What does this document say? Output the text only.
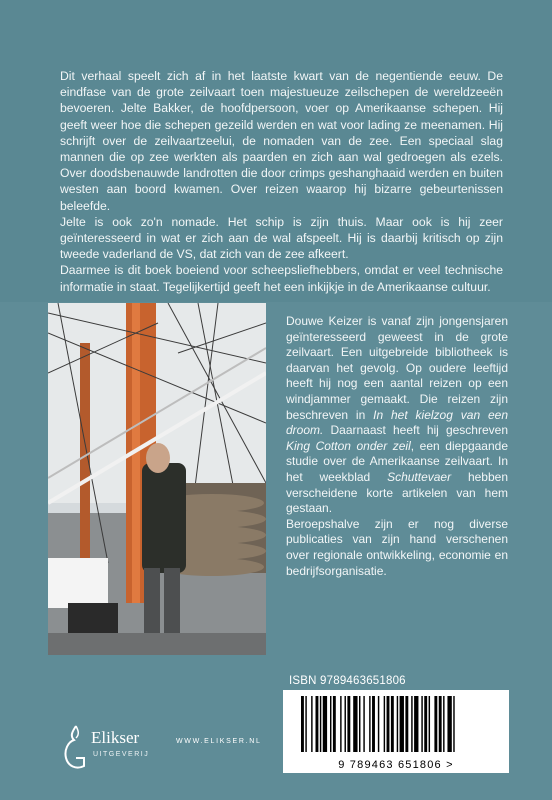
Dit verhaal speelt zich af in het laatste kwart van de negentiende eeuw. De eindfase van de grote zeilvaart toen majestueuze zeilschepen de wereldzeeën bevoeren. Jelte Bakker, de hoofdpersoon, voer op Amerikaanse schepen. Hij geeft weer hoe die schepen gezeild werden en wat voor lading ze meenamen. Hij schrijft over de zeilvaartzeelui, de nomaden van de zee. Een speciaal slag mannen die op zee werkten als paarden en zich aan wal gedroegen als ezels. Over doodsbenauwde landrotten die door crimps geshanghaaid werden en buiten westen aan boord kwamen. Over reizen waarop hij bizarre gebeurtenissen beleefde.

Jelte is ook zo'n nomade. Het schip is zijn thuis. Maar ook is hij zeer geïnteresseerd in wat er zich aan de wal afspeelt. Hij is daarbij kritisch op zijn tweede vaderland de VS, dat zich van de zee afkeert.

Daarmee is dit boek boeiend voor scheepsliefhebbers, omdat er veel technische informatie in staat. Tegelijkertijd geeft het een inkijkje in de Amerikaanse cultuur.

Douwe Keizer is vanaf zijn jongensjaren geïnteresseerd geweest in de grote zeilvaart. Een uitgebreide bibliotheek is daarvan het gevolg. Op oudere leeftijd heeft hij nog een aantal reizen op een windjammer gemaakt. Die reizen zijn beschreven in In het kielzog van een droom. Daarnaast heeft hij geschreven King Cotton onder zeil, een diepgaande studie over de Amerikaanse zeilvaart. In het weekblad Schuttevaer hebben verscheidene korte artikelen van hem gestaan.

Beroepshalve zijn er nog diverse publicaties van zijn hand verschenen over regionale ontwikkeling, economie en bedrijfsorganisatie.

ISBN 9789463651806
9 789463 651806 >
Elikser
UITGEVERIJ
WWW.ELIKSER.NL
